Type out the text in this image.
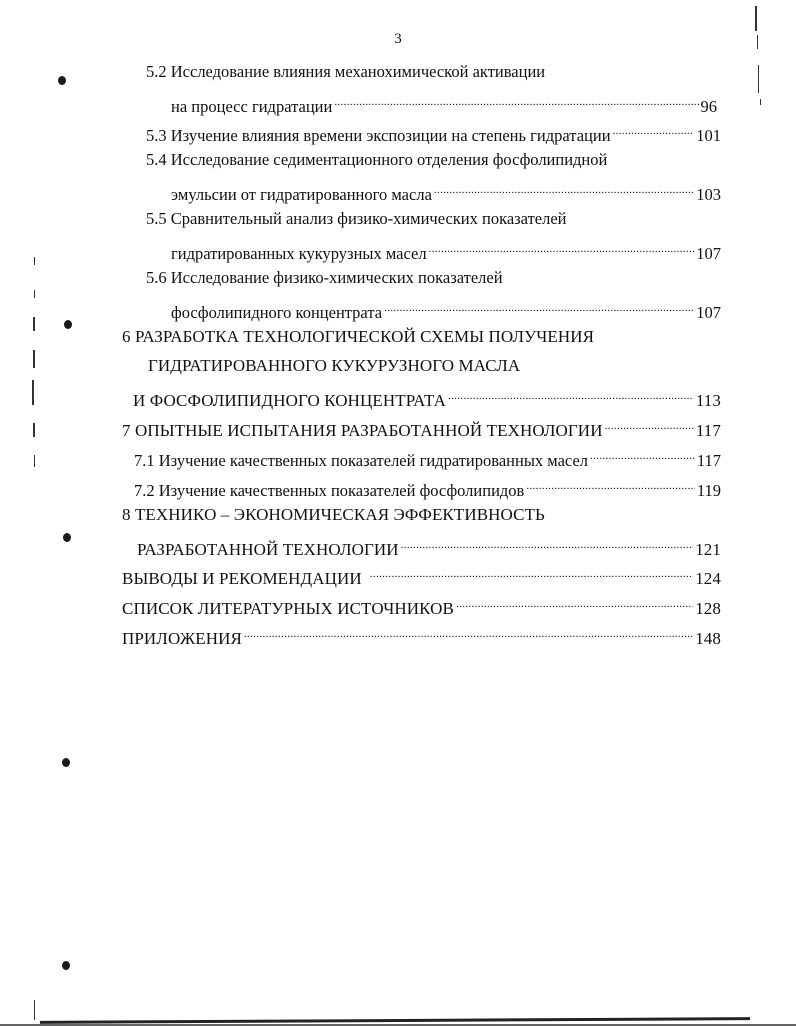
3
5.2 Исследование влияния механохимической активации
на процесс гидратации . . .	96
5.3 Изучение влияния времени экспозиции на степень гидратации . . .	101
5.4 Исследование седиментационного отделения фосфолипидной
эмульсии от гидратированного масла . . .	103
5.5 Сравнительный анализ физико-химических показателей
гидратированных кукурузных масел . . .	107
5.6 Исследование физико-химических показателей
фосфолипидного концентрата . . .	107
6 РАЗРАБОТКА ТЕХНОЛОГИЧЕСКОЙ СХЕМЫ ПОЛУЧЕНИЯ
ГИДРАТИРОВАННОГО КУКУРУЗНОГО МАСЛА
И ФОСФОЛИПИДНОГО КОНЦЕНТРАТА . . .	113
7 ОПЫТНЫЕ ИСПЫТАНИЯ РАЗРАБОТАННОЙ ТЕХНОЛОГИИ . . .	117
7.1 Изучение качественных показателей гидратированных масел . . .	117
7.2 Изучение качественных показателей фосфолипидов . . .	119
8 ТЕХНИКО – ЭКОНОМИЧЕСКАЯ ЭФФЕКТИВНОСТЬ
РАЗРАБОТАННОЙ ТЕХНОЛОГИИ . . .	121
ВЫВОДЫ И РЕКОМЕНДАЦИИ . . .	124
СПИСОК ЛИТЕРАТУРНЫХ ИСТОЧНИКОВ . . .	128
ПРИЛОЖЕНИЯ . . .	148
